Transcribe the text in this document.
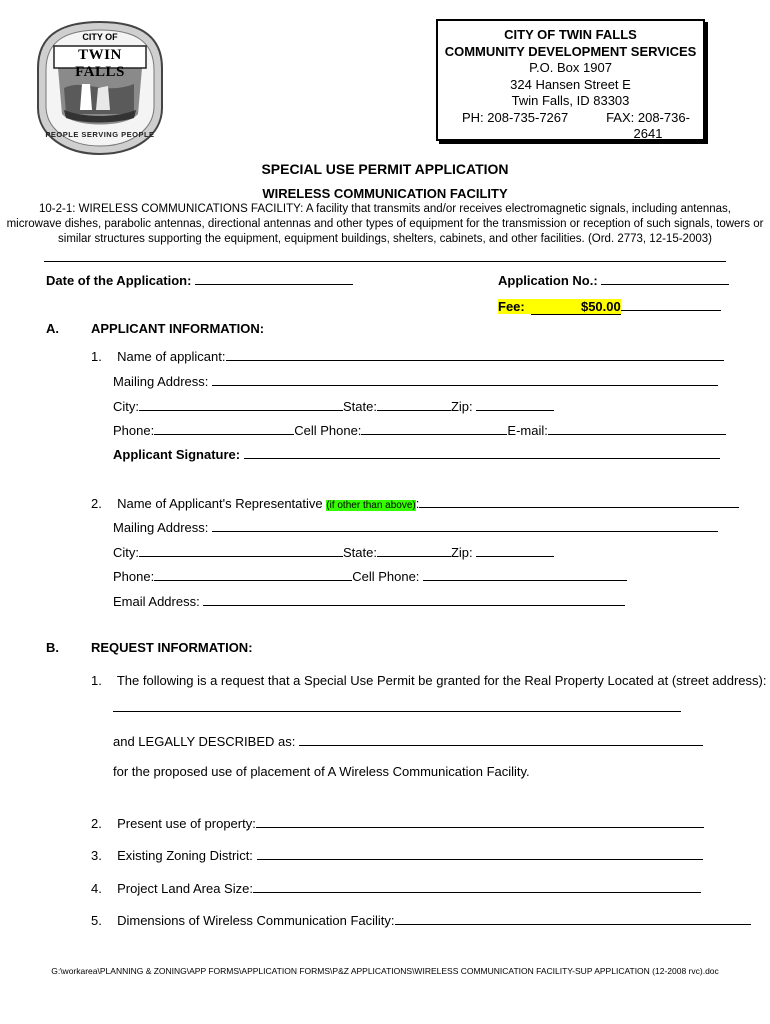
CITY OF
TWIN FALLS
PEOPLE SERVING PEOPLE
CITY OF TWIN FALLS
COMMUNITY DEVELOPMENT SERVICES
P.O. Box 1907
324 Hansen Street E
Twin Falls, ID 83303
PH: 208-735-7267	FAX: 208-736-2641
SPECIAL USE PERMIT APPLICATION
WIRELESS COMMUNICATION FACILITY
10-2-1: WIRELESS COMMUNICATIONS FACILITY: A facility that transmits and/or receives electromagnetic signals, including antennas,
microwave dishes, parabolic antennas, directional antennas and other types of equipment for the transmission or reception of such signals, towers or
similar structures supporting the equipment, equipment buildings, shelters, cabinets, and other facilities. (Ord. 2773, 12-15-2003)
Date of the Application:	Application No.:
Fee:	$50.00
A. APPLICANT INFORMATION:
1. Name of applicant:
Mailing Address:
City:	State:	Zip:
Phone:	Cell Phone:	E-mail:
Applicant Signature:
2. Name of Applicant's Representative (if other than above):
Mailing Address:
City:	State:	Zip:
Phone:	Cell Phone:
Email Address:
B. REQUEST INFORMATION:
1. The following is a request that a Special Use Permit be granted for the Real Property Located at (street address):
and LEGALLY DESCRIBED as:
for the proposed use of placement of A Wireless Communication Facility.
2. Present use of property:
3. Existing Zoning District:
4. Project Land Area Size:
5. Dimensions of Wireless Communication Facility:
G:\workarea\PLANNING & ZONING\APP FORMS\APPLICATION FORMS\P&Z APPLICATIONS\WIRELESS COMMUNICATION FACILITY-SUP APPLICATION (12-2008 rvc).doc
